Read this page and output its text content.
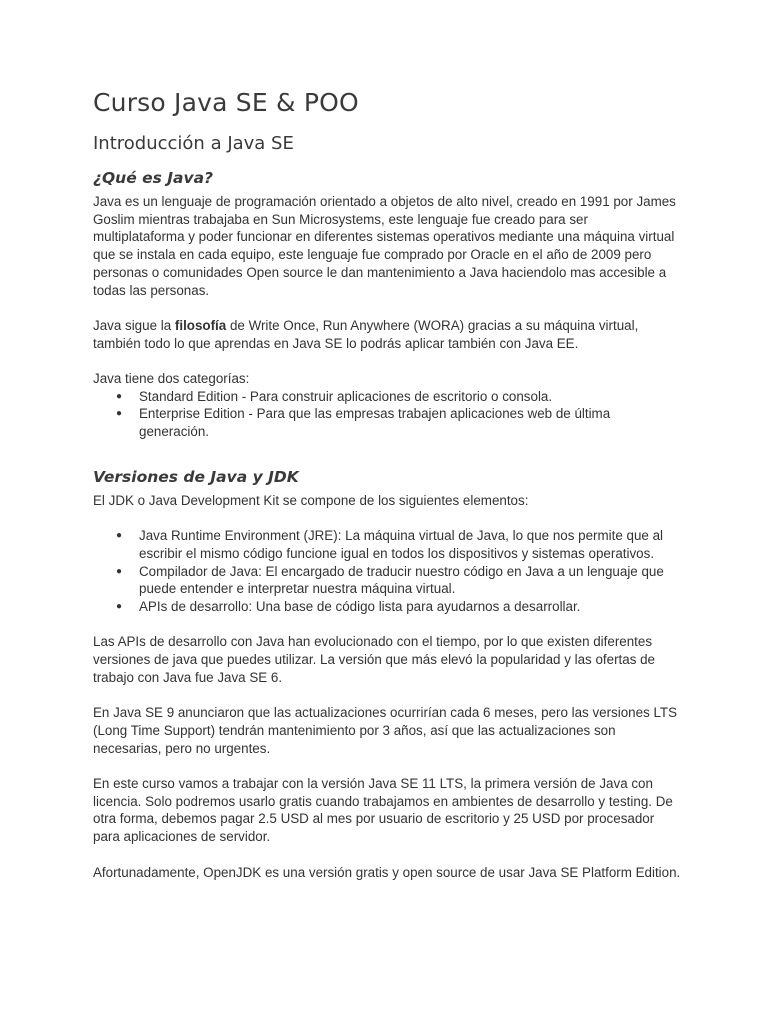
Curso Java SE & POO
Introducción a Java SE
¿Qué es Java?

Java es un lenguaje de programación orientado a objetos de alto nivel, creado en 1991 por James Goslim mientras trabajaba en Sun Microsystems, este lenguaje fue creado para ser multiplataforma y poder funcionar en diferentes sistemas operativos mediante una máquina virtual que se instala en cada equipo, este lenguaje fue comprado por Oracle en el año de 2009 pero personas o comunidades Open source le dan mantenimiento a Java haciendolo mas accesible a todas las personas.

Java sigue la filosofía de Write Once, Run Anywhere (WORA) gracias a su máquina virtual, también todo lo que aprendas en Java SE lo podrás aplicar también con Java EE.

Java tiene dos categorías:

● Standard Edition - Para construir aplicaciones de escritorio o consola.
● Enterprise Edition - Para que las empresas trabajen aplicaciones web de última generación.
Versiones de Java y JDK

El JDK o Java Development Kit se compone de los siguientes elementos:

● Java Runtime Environment (JRE): La máquina virtual de Java, lo que nos permite que al escribir el mismo código funcione igual en todos los dispositivos y sistemas operativos.
● Compilador de Java: El encargado de traducir nuestro código en Java a un lenguaje que puede entender e interpretar nuestra máquina virtual.
● APIs de desarrollo: Una base de código lista para ayudarnos a desarrollar.

Las APIs de desarrollo con Java han evolucionado con el tiempo, por lo que existen diferentes versiones de java que puedes utilizar. La versión que más elevó la popularidad y las ofertas de trabajo con Java fue Java SE 6.

En Java SE 9 anunciaron que las actualizaciones ocurrirían cada 6 meses, pero las versiones LTS (Long Time Support) tendrán mantenimiento por 3 años, así que las actualizaciones son necesarias, pero no urgentes.

En este curso vamos a trabajar con la versión Java SE 11 LTS, la primera versión de Java con licencia. Solo podremos usarlo gratis cuando trabajamos en ambientes de desarrollo y testing. De otra forma, debemos pagar 2.5 USD al mes por usuario de escritorio y 25 USD por procesador para aplicaciones de servidor.

Afortunadamente, OpenJDK es una versión gratis y open source de usar Java SE Platform Edition.
